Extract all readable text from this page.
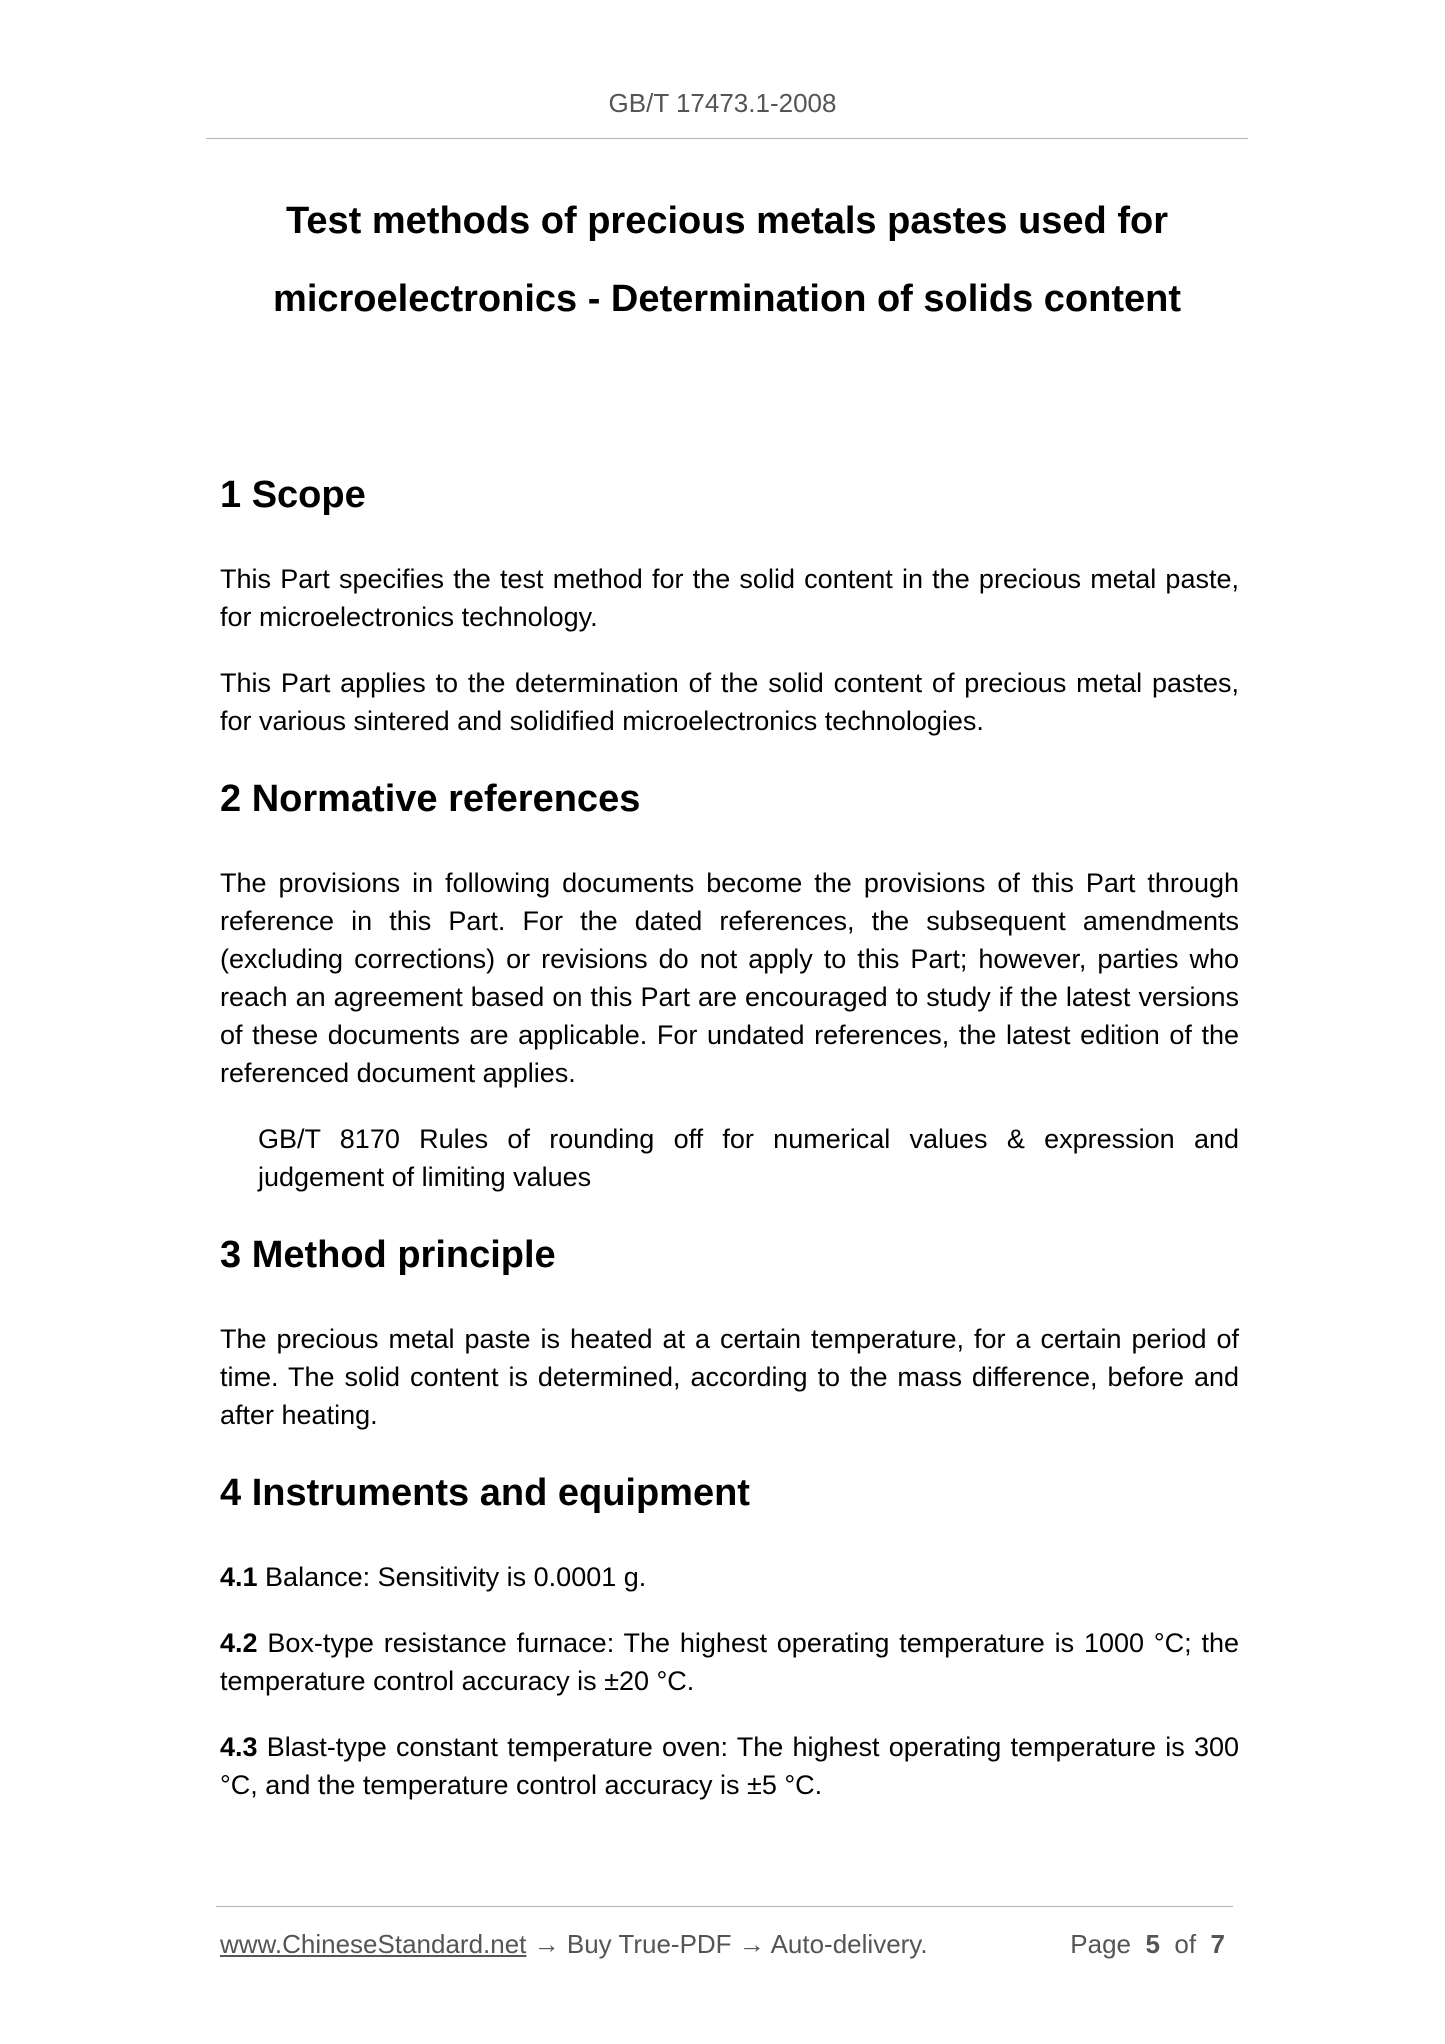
GB/T 17473.1-2008
Test methods of precious metals pastes used for
microelectronics - Determination of solids content
1 Scope

This Part specifies the test method for the solid content in the precious metal paste, for microelectronics technology.

This Part applies to the determination of the solid content of precious metal pastes, for various sintered and solidified microelectronics technologies.

2 Normative references

The provisions in following documents become the provisions of this Part through reference in this Part. For the dated references, the subsequent amendments (excluding corrections) or revisions do not apply to this Part; however, parties who reach an agreement based on this Part are encouraged to study if the latest versions of these documents are applicable. For undated references, the latest edition of the referenced document applies.

GB/T 8170 Rules of rounding off for numerical values & expression and judgement of limiting values

3 Method principle

The precious metal paste is heated at a certain temperature, for a certain period of time. The solid content is determined, according to the mass difference, before and after heating.

4 Instruments and equipment

4.1 Balance: Sensitivity is 0.0001 g.

4.2 Box-type resistance furnace: The highest operating temperature is 1000 °C; the temperature control accuracy is ±20 °C.

4.3 Blast-type constant temperature oven: The highest operating temperature is 300 °C, and the temperature control accuracy is ±5 °C.

www.ChineseStandard.net → Buy True-PDF → Auto-delivery.	Page 5 of 7
